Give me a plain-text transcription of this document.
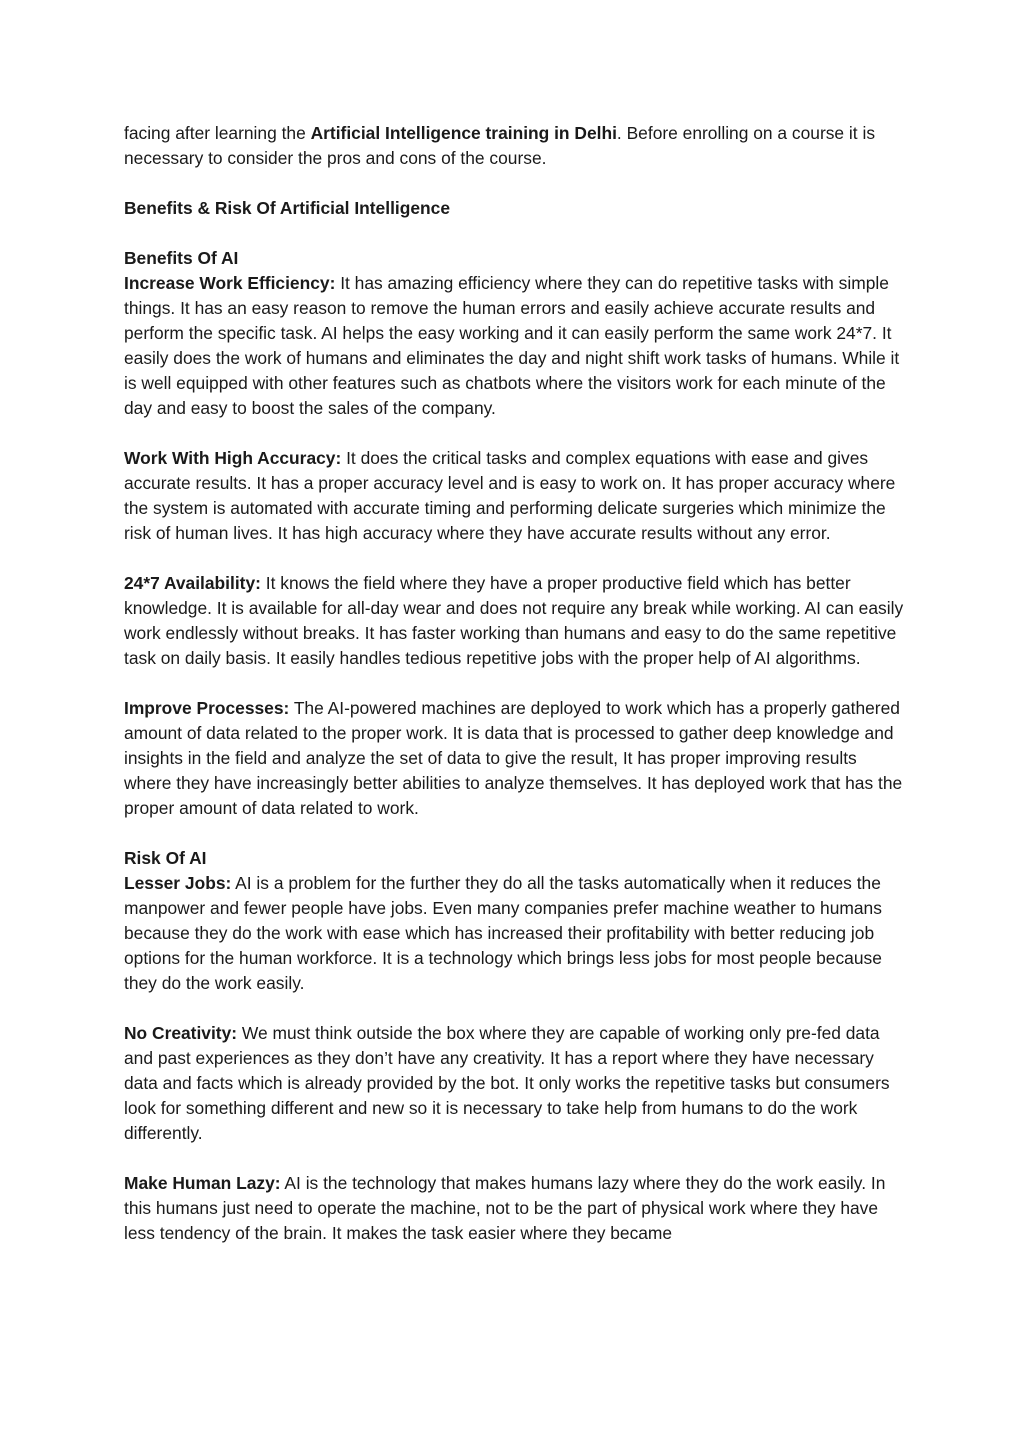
facing after learning the Artificial Intelligence training in Delhi. Before enrolling on a course it is necessary to consider the pros and cons of the course.

Benefits & Risk Of Artificial Intelligence

Benefits Of AI

Increase Work Efficiency: It has amazing efficiency where they can do repetitive tasks with simple things. It has an easy reason to remove the human errors and easily achieve accurate results and perform the specific task. AI helps the easy working and it can easily perform the same work 24*7. It easily does the work of humans and eliminates the day and night shift work tasks of humans. While it is well equipped with other features such as chatbots where the visitors work for each minute of the day and easy to boost the sales of the company.

Work With High Accuracy: It does the critical tasks and complex equations with ease and gives accurate results. It has a proper accuracy level and is easy to work on. It has proper accuracy where the system is automated with accurate timing and performing delicate surgeries which minimize the risk of human lives. It has high accuracy where they have accurate results without any error.

24*7 Availability: It knows the field where they have a proper productive field which has better knowledge. It is available for all-day wear and does not require any break while working. AI can easily work endlessly without breaks. It has faster working than humans and easy to do the same repetitive task on daily basis. It easily handles tedious repetitive jobs with the proper help of AI algorithms.

Improve Processes: The AI-powered machines are deployed to work which has a properly gathered amount of data related to the proper work. It is data that is processed to gather deep knowledge and insights in the field and analyze the set of data to give the result, It has proper improving results where they have increasingly better abilities to analyze themselves. It has deployed work that has the proper amount of data related to work.

Risk Of AI

Lesser Jobs: AI is a problem for the further they do all the tasks automatically when it reduces the manpower and fewer people have jobs. Even many companies prefer machine weather to humans because they do the work with ease which has increased their profitability with better reducing job options for the human workforce. It is a technology which brings less jobs for most people because they do the work easily.

No Creativity: We must think outside the box where they are capable of working only pre-fed data and past experiences as they don’t have any creativity. It has a report where they have necessary data and facts which is already provided by the bot. It only works the repetitive tasks but consumers look for something different and new so it is necessary to take help from humans to do the work differently.

Make Human Lazy: AI is the technology that makes humans lazy where they do the work easily. In this humans just need to operate the machine, not to be the part of physical work where they have less tendency of the brain. It makes the task easier where they became
